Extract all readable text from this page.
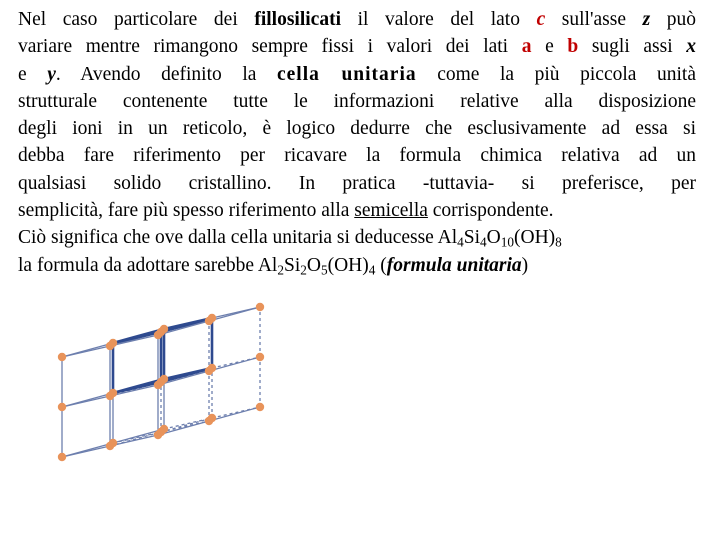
Nel caso particolare dei fillosilicati il valore del lato c sull'asse z può
variare mentre rimangono sempre fissi i valori dei lati a e b sugli assi x
e y. Avendo definito la cella unitaria come la più piccola unità
strutturale contenente tutte le informazioni relative alla disposizione
degli ioni in un reticolo, è logico dedurre che esclusivamente ad essa si
debba fare riferimento per ricavare la formula chimica relativa ad un
qualsiasi solido cristallino. In pratica -tuttavia- si preferisce, per
semplicità, fare più spesso riferimento alla semicella corrispondente.
Ciò significa che ove dalla cella unitaria si deducesse $Al_4Si_4O_{10}(OH)_8$
la formula da adottare sarebbe $Al_2Si_2O_5(OH)_4$ (formula unitaria)
